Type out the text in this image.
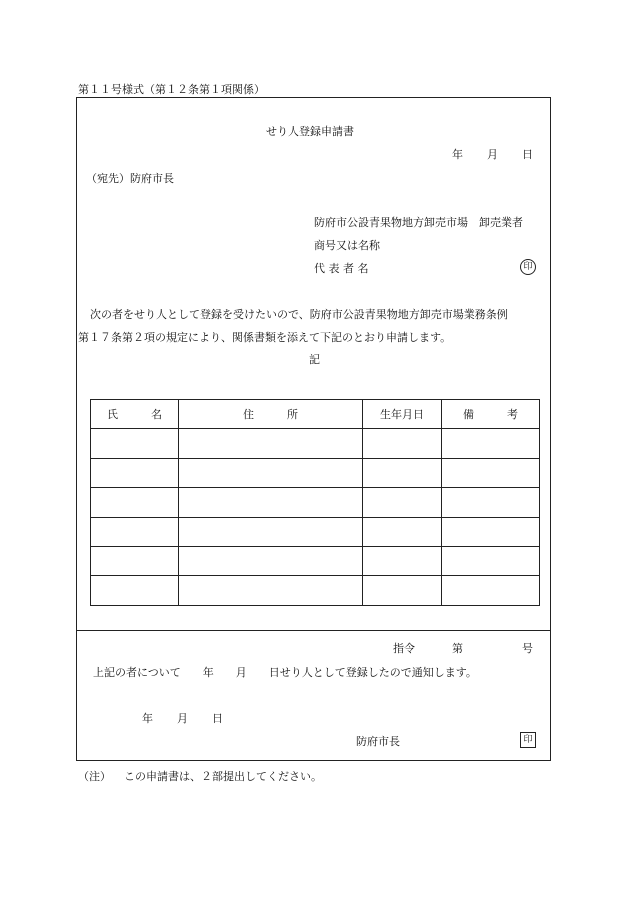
第１１号様式（第１２条第１項関係）
せり人登録申請書
年 月 日
（宛先）防府市長
防府市公設青果物地方卸売市場　卸売業者
商号又は名称
代 表 者 名	印
次の者をせり人として登録を受けたいので、防府市公設青果物地方卸売市場業務条例
第１７条第２項の規定により、関係書類を添えて下記のとおり申請します。
記
氏　　　名	住　　　所	生年月日	備　　　考

指令	第	号
上記の者について　　年　　月　　日せり人として登録したので通知します。
年 月 日
防府市長	印
（注） この申請書は、２部提出してください。
